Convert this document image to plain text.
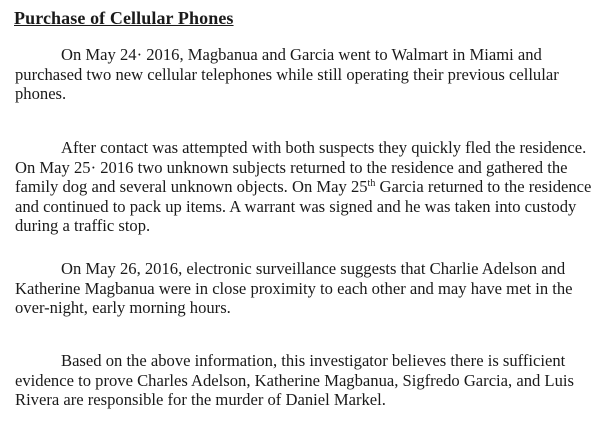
Purchase of Cellular Phones

On May 24· 2016, Magbanua and Garcia went to Walmart in Miami and purchased two new cellular telephones while still operating their previous cellular phones.

After contact was attempted with both suspects they quickly fled the residence. On May 25· 2016 two unknown subjects returned to the residence and gathered the family dog and several unknown objects. On May 25th Garcia returned to the residence and continued to pack up items. A warrant was signed and he was taken into custody during a traffic stop.

On May 26, 2016, electronic surveillance suggests that Charlie Adelson and Katherine Magbanua were in close proximity to each other and may have met in the over-night, early morning hours.

Based on the above information, this investigator believes there is sufficient evidence to prove Charles Adelson, Katherine Magbanua, Sigfredo Garcia, and Luis Rivera are responsible for the murder of Daniel Markel.
